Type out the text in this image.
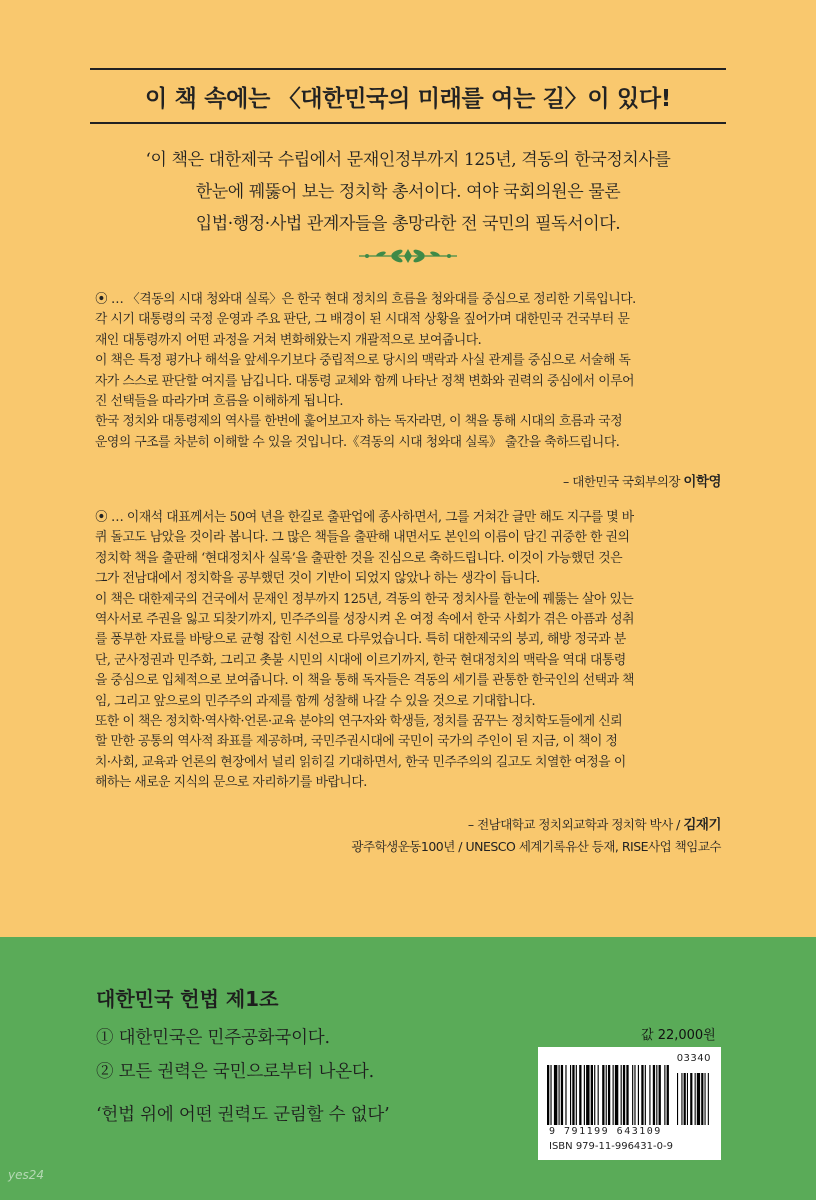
이 책 속에는 〈대한민국의 미래를 여는 길〉이 있다!
‘이 책은 대한제국 수립에서 문재인정부까지 125년, 격동의 한국정치사를
한눈에 꿰뚫어 보는 정치학 총서이다. 여야 국회의원은 물론
입법·행정·사법 관계자들을 총망라한 전 국민의 필독서이다.
⦿ … 〈격동의 시대 청와대 실록〉은 한국 현대 정치의 흐름을 청와대를 중심으로 정리한 기록입니다.
각 시기 대통령의 국정 운영과 주요 판단, 그 배경이 된 시대적 상황을 짚어가며 대한민국 건국부터 문
재인 대통령까지 어떤 과정을 거쳐 변화해왔는지 개괄적으로 보여줍니다.
이 책은 특정 평가나 해석을 앞세우기보다 중립적으로 당시의 맥락과 사실 관계를 중심으로 서술해 독
자가 스스로 판단할 여지를 남깁니다. 대통령 교체와 함께 나타난 정책 변화와 권력의 중심에서 이루어
진 선택들을 따라가며 흐름을 이해하게 됩니다.
한국 정치와 대통령제의 역사를 한번에 훑어보고자 하는 독자라면, 이 책을 통해 시대의 흐름과 국정
운영의 구조를 차분히 이해할 수 있을 것입니다.《격동의 시대 청와대 실록》 출간을 축하드립니다.
– 대한민국 국회부의장 이학영
⦿ … 이재석 대표께서는 50여 년을 한길로 출판업에 종사하면서, 그를 거쳐간 글만 해도 지구를 몇 바
퀴 돌고도 남았을 것이라 봅니다. 그 많은 책들을 출판해 내면서도 본인의 이름이 담긴 귀중한 한 권의
정치학 책을 출판해 ‘현대정치사 실록’을 출판한 것을 진심으로 축하드립니다. 이것이 가능했던 것은
그가 전남대에서 정치학을 공부했던 것이 기반이 되었지 않았나 하는 생각이 듭니다.
이 책은 대한제국의 건국에서 문재인 정부까지 125년, 격동의 한국 정치사를 한눈에 꿰뚫는 살아 있는
역사서로 주권을 잃고 되찾기까지, 민주주의를 성장시켜 온 여정 속에서 한국 사회가 겪은 아픔과 성취
를 풍부한 자료를 바탕으로 균형 잡힌 시선으로 다루었습니다. 특히 대한제국의 붕괴, 해방 정국과 분
단, 군사정권과 민주화, 그리고 촛불 시민의 시대에 이르기까지, 한국 현대정치의 맥락을 역대 대통령
을 중심으로 입체적으로 보여줍니다. 이 책을 통해 독자들은 격동의 세기를 관통한 한국인의 선택과 책
임, 그리고 앞으로의 민주주의 과제를 함께 성찰해 나갈 수 있을 것으로 기대합니다.
또한 이 책은 정치학·역사학·언론·교육 분야의 연구자와 학생들, 정치를 꿈꾸는 정치학도들에게 신뢰
할 만한 공통의 역사적 좌표를 제공하며, 국민주권시대에 국민이 국가의 주인이 된 지금, 이 책이 정
치·사회, 교육과 언론의 현장에서 널리 읽히길 기대하면서, 한국 민주주의의 길고도 치열한 여정을 이
해하는 새로운 지식의 문으로 자리하기를 바랍니다.
– 전남대학교 정치외교학과 정치학 박사 / 김재기
광주학생운동100년 / UNESCO 세계기록유산 등재, RISE사업 책임교수
대한민국 헌법 제1조
① 대한민국은 민주공화국이다.
② 모든 권력은 국민으로부터 나온다.
‘헌법 위에 어떤 권력도 군림할 수 없다’
값 22,000원
03340
9 791199 643109
ISBN 979-11-996431-0-9
yes24
